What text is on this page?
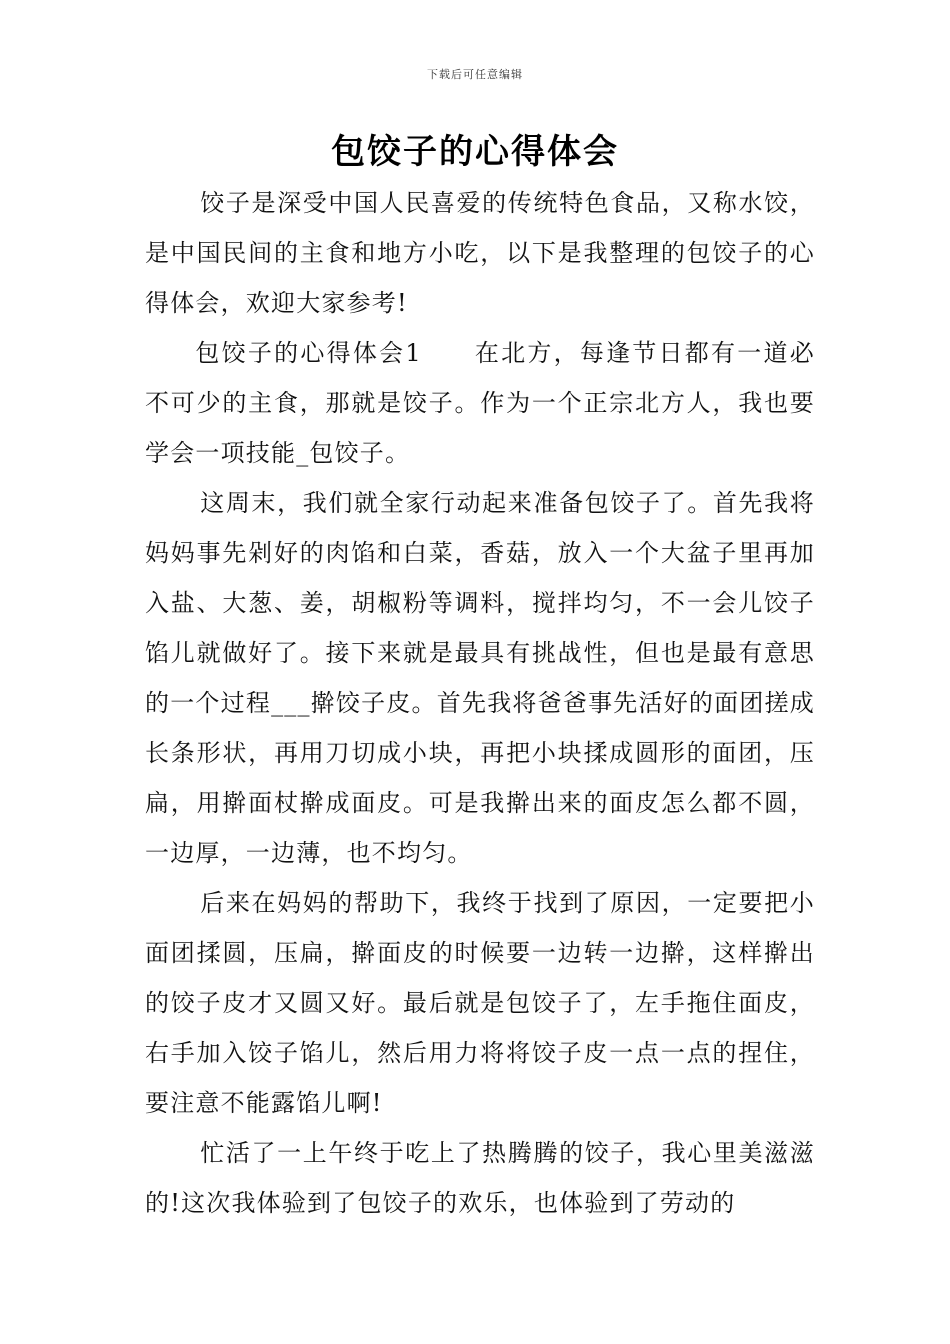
下载后可任意编辑
包饺子的心得体会

饺子是深受中国人民喜爱的传统特色食品，又称水饺，是中国民间的主食和地方小吃，以下是我整理的包饺子的心得体会，欢迎大家参考!

包饺子的心得体会1 在北方，每逢节日都有一道必不可少的主食，那就是饺子。作为一个正宗北方人，我也要学会一项技能_包饺子。

这周末，我们就全家行动起来准备包饺子了。首先我将妈妈事先剁好的肉馅和白菜，香菇，放入一个大盆子里再加入盐、大葱、姜，胡椒粉等调料，搅拌均匀，不一会儿饺子馅儿就做好了。接下来就是最具有挑战性，但也是最有意思的一个过程___擀饺子皮。首先我将爸爸事先活好的面团搓成长条形状，再用刀切成小块，再把小块揉成圆形的面团，压扁，用擀面杖擀成面皮。可是我擀出来的面皮怎么都不圆，一边厚，一边薄，也不均匀。

后来在妈妈的帮助下，我终于找到了原因，一定要把小面团揉圆，压扁，擀面皮的时候要一边转一边擀，这样擀出的饺子皮才又圆又好。最后就是包饺子了，左手拖住面皮，右手加入饺子馅儿，然后用力将将饺子皮一点一点的捏住，要注意不能露馅儿啊!

忙活了一上午终于吃上了热腾腾的饺子，我心里美滋滋的!这次我体验到了包饺子的欢乐，也体验到了劳动的
